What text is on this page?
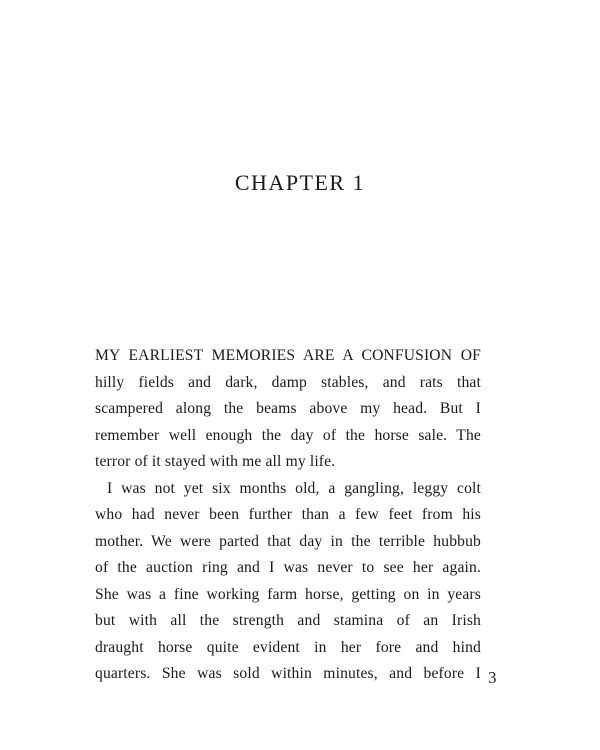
CHAPTER 1
MY EARLIEST MEMORIES ARE A CONFUSION OF
hilly fields and dark, damp stables, and rats that
scampered along the beams above my head. But I
remember well enough the day of the horse sale. The
terror of it stayed with me all my life.
I was not yet six months old, a gangling, leggy colt
who had never been further than a few feet from his
mother. We were parted that day in the terrible hubbub
of the auction ring and I was never to see her again.
She was a fine working farm horse, getting on in years
but with all the strength and stamina of an Irish
draught horse quite evident in her fore and hind
quarters. She was sold within minutes, and before I 3
